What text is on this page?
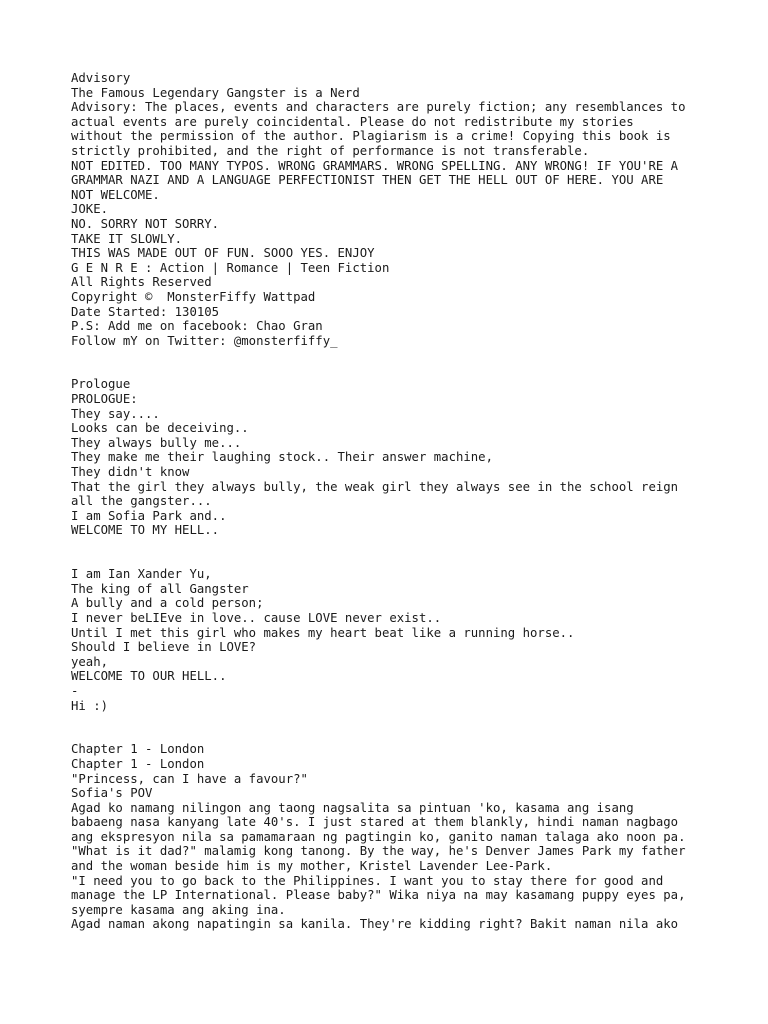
Advisory
The Famous Legendary Gangster is a Nerd
Advisory: The places, events and characters are purely fiction; any resemblances to
actual events are purely coincidental. Please do not redistribute my stories
without the permission of the author. Plagiarism is a crime! Copying this book is
strictly prohibited, and the right of performance is not transferable.
NOT EDITED. TOO MANY TYPOS. WRONG GRAMMARS. WRONG SPELLING. ANY WRONG! IF YOU'RE A
GRAMMAR NAZI AND A LANGUAGE PERFECTIONIST THEN GET THE HELL OUT OF HERE. YOU ARE
NOT WELCOME.
JOKE.
NO. SORRY NOT SORRY.
TAKE IT SLOWLY.
THIS WAS MADE OUT OF FUN. SOOO YES. ENJOY
G E N R E : Action | Romance | Teen Fiction
All Rights Reserved
Copyright ©  MonsterFiffy Wattpad
Date Started: 130105
P.S: Add me on facebook: Chao Gran
Follow mY on Twitter: @monsterfiffy_
Prologue
PROLOGUE:
They say....
Looks can be deceiving..
They always bully me...
They make me their laughing stock.. Their answer machine,
They didn't know
That the girl they always bully, the weak girl they always see in the school reign
all the gangster...
I am Sofia Park and..
WELCOME TO MY HELL..
I am Ian Xander Yu,
The king of all Gangster
A bully and a cold person;
I never beLIEve in love.. cause LOVE never exist..
Until I met this girl who makes my heart beat like a running horse..
Should I believe in LOVE?
yeah,
WELCOME TO OUR HELL..
-
Hi :)
Chapter 1 - London
Chapter 1 - London
"Princess, can I have a favour?"
Sofia's POV
Agad ko namang nilingon ang taong nagsalita sa pintuan 'ko, kasama ang isang
babaeng nasa kanyang late 40's. I just stared at them blankly, hindi naman nagbago
ang ekspresyon nila sa pamamaraan ng pagtingin ko, ganito naman talaga ako noon pa.
"What is it dad?" malamig kong tanong. By the way, he's Denver James Park my father
and the woman beside him is my mother, Kristel Lavender Lee-Park.
"I need you to go back to the Philippines. I want you to stay there for good and
manage the LP International. Please baby?" Wika niya na may kasamang puppy eyes pa,
syempre kasama ang aking ina.
Agad naman akong napatingin sa kanila. They're kidding right? Bakit naman nila ako
